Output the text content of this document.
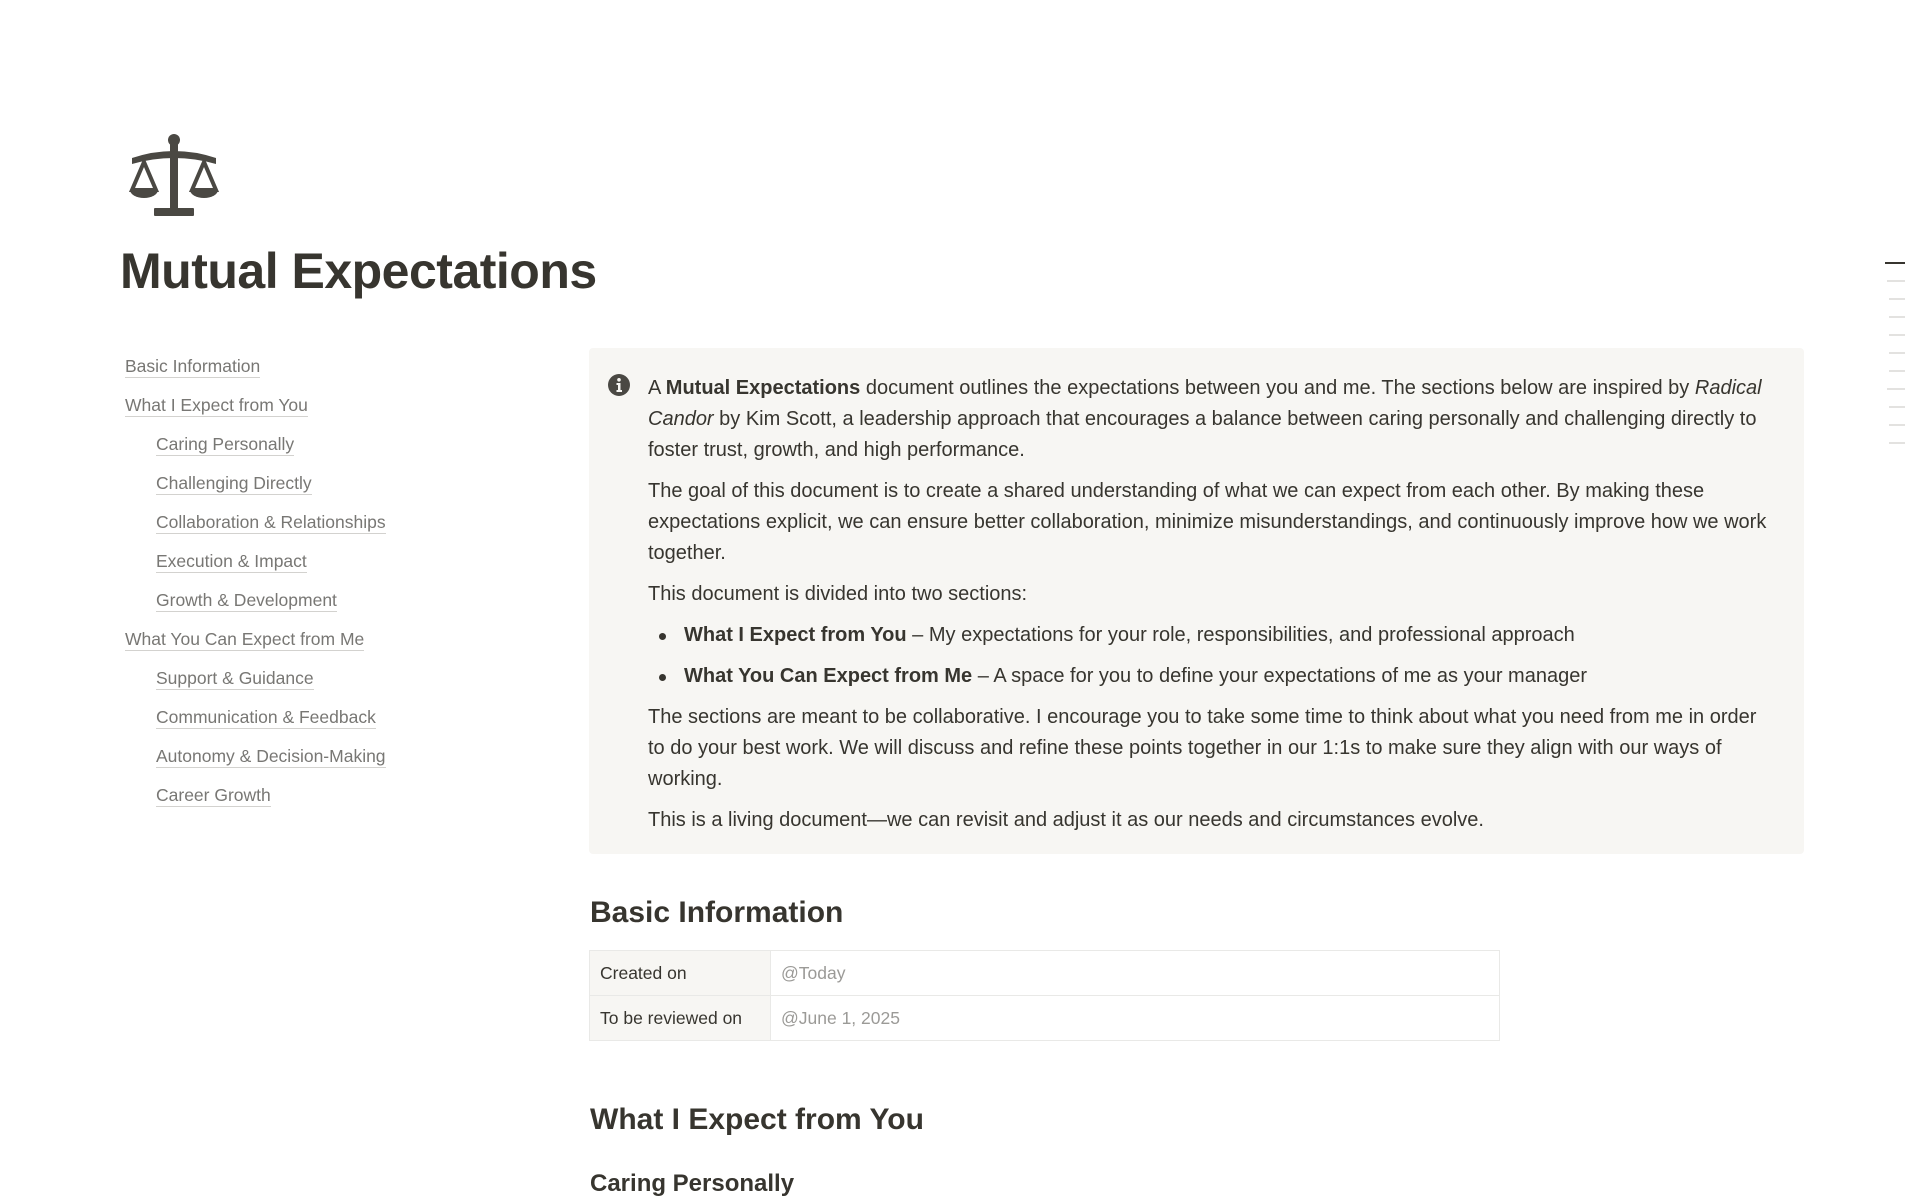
Mutual Expectations
Basic Information
What I Expect from You
Caring Personally
Challenging Directly
Collaboration & Relationships
Execution & Impact
Growth & Development
What You Can Expect from Me
Support & Guidance
Communication & Feedback
Autonomy & Decision-Making
Career Growth

A Mutual Expectations document outlines the expectations between you and me. The sections below are inspired by Radical Candor by Kim Scott, a leadership approach that encourages a balance between caring personally and challenging directly to foster trust, growth, and high performance.

The goal of this document is to create a shared understanding of what we can expect from each other. By making these expectations explicit, we can ensure better collaboration, minimize misunderstandings, and continuously improve how we work together.

This document is divided into two sections:

What I Expect from You – My expectations for your role, responsibilities, and professional approach
What You Can Expect from Me – A space for you to define your expectations of me as your manager

The sections are meant to be collaborative. I encourage you to take some time to think about what you need from me in order to do your best work. We will discuss and refine these points together in our 1:1s to make sure they align with our ways of working.

This is a living document—we can revisit and adjust it as our needs and circumstances evolve.

Basic Information
Created on	@Today
To be reviewed on	@June 1, 2025
What I Expect from You
Caring Personally
